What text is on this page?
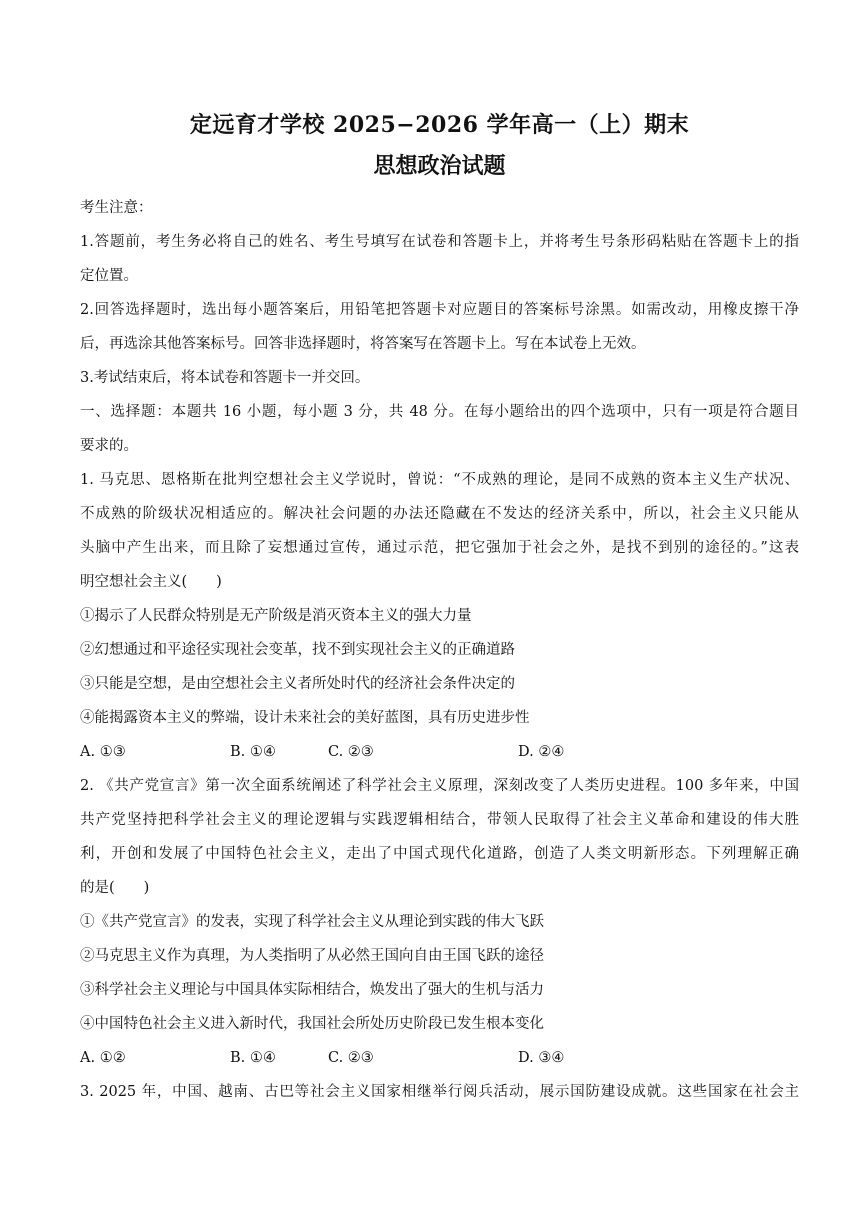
定远育才学校 2025−2026 学年高一（上）期末
思想政治试题

考生注意：

1.答题前，考生务必将自己的姓名、考生号填写在试卷和答题卡上，并将考生号条形码粘贴在答题卡上的指

定位置。

2.回答选择题时，选出每小题答案后，用铅笔把答题卡对应题目的答案标号涂黑。如需改动，用橡皮擦干净

后，再选涂其他答案标号。回答非选择题时，将答案写在答题卡上。写在本试卷上无效。

3.考试结束后，将本试卷和答题卡一并交回。

一、选择题：本题共 16 小题，每小题 3 分，共 48 分。在每小题给出的四个选项中，只有一项是符合题目

要求的。

1. 马克思、恩格斯在批判空想社会主义学说时，曾说：“不成熟的理论，是同不成熟的资本主义生产状况、

不成熟的阶级状况相适应的。解决社会问题的办法还隐藏在不发达的经济关系中，所以，社会主义只能从

头脑中产生出来，而且除了妄想通过宣传，通过示范，把它强加于社会之外，是找不到别的途径的。”这表

明空想社会主义(　　)

①揭示了人民群众特别是无产阶级是消灭资本主义的强大力量

②幻想通过和平途径实现社会变革，找不到实现社会主义的正确道路

③只能是空想，是由空想社会主义者所处时代的经济社会条件决定的

④能揭露资本主义的弊端，设计未来社会的美好蓝图，具有历史进步性

A. ①③	B. ①④	C. ②③	D. ②④

2. 《共产党宣言》第一次全面系统阐述了科学社会主义原理，深刻改变了人类历史进程。100 多年来，中国

共产党坚持把科学社会主义的理论逻辑与实践逻辑相结合，带领人民取得了社会主义革命和建设的伟大胜

利，开创和发展了中国特色社会主义，走出了中国式现代化道路，创造了人类文明新形态。下列理解正确

的是(　　)

①《共产党宣言》的发表，实现了科学社会主义从理论到实践的伟大飞跃

②马克思主义作为真理，为人类指明了从必然王国向自由王国飞跃的途径

③科学社会主义理论与中国具体实际相结合，焕发出了强大的生机与活力

④中国特色社会主义进入新时代，我国社会所处历史阶段已发生根本变化

A. ①②	B. ①④	C. ②③	D. ③④

3. 2025 年，中国、越南、古巴等社会主义国家相继举行阅兵活动，展示国防建设成就。这些国家在社会主
